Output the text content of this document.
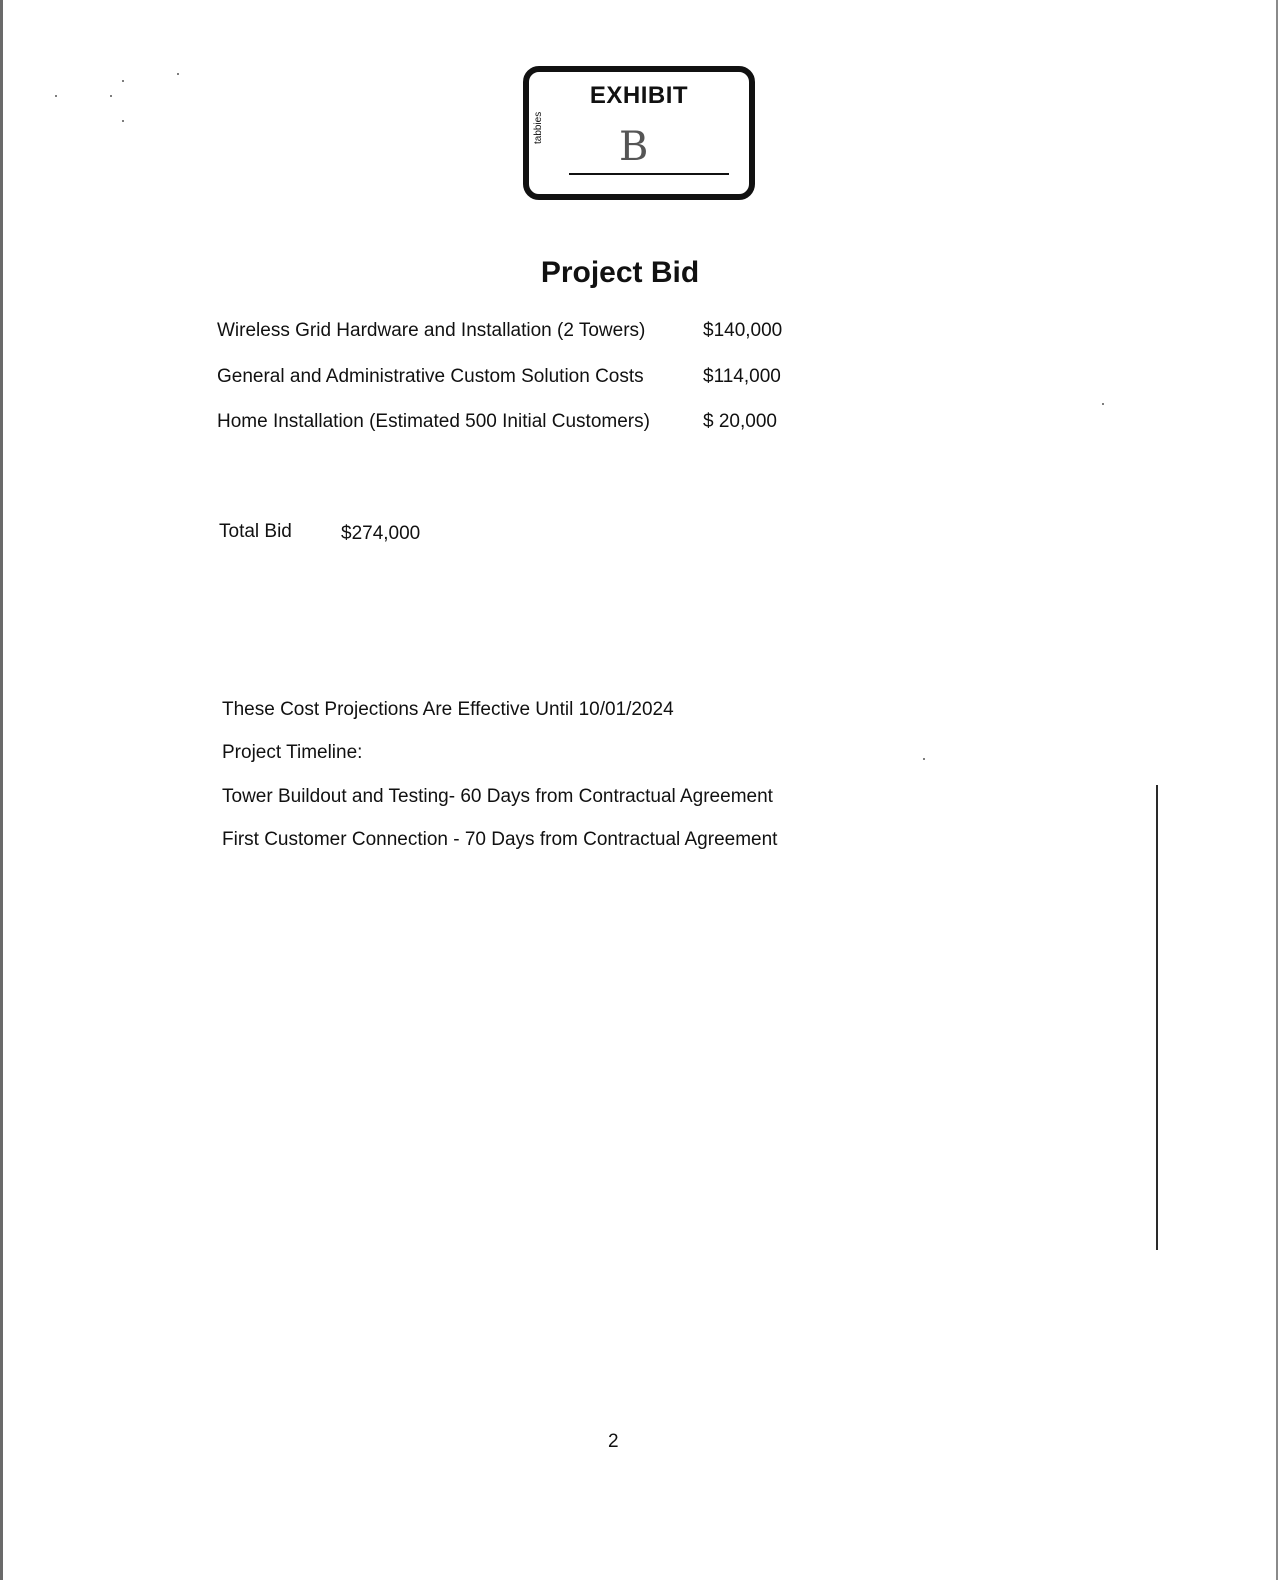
EXHIBIT
tabbies B
Project Bid
Wireless Grid Hardware and Installation (2 Towers)	$140,000
General and Administrative Custom Solution Costs	$114,000
Home Installation (Estimated 500 Initial Customers)	$ 20,000
Total Bid	$274,000
These Cost Projections Are Effective Until 10/01/2024
Project Timeline:
Tower Buildout and Testing- 60 Days from Contractual Agreement
First Customer Connection - 70 Days from Contractual Agreement
2
